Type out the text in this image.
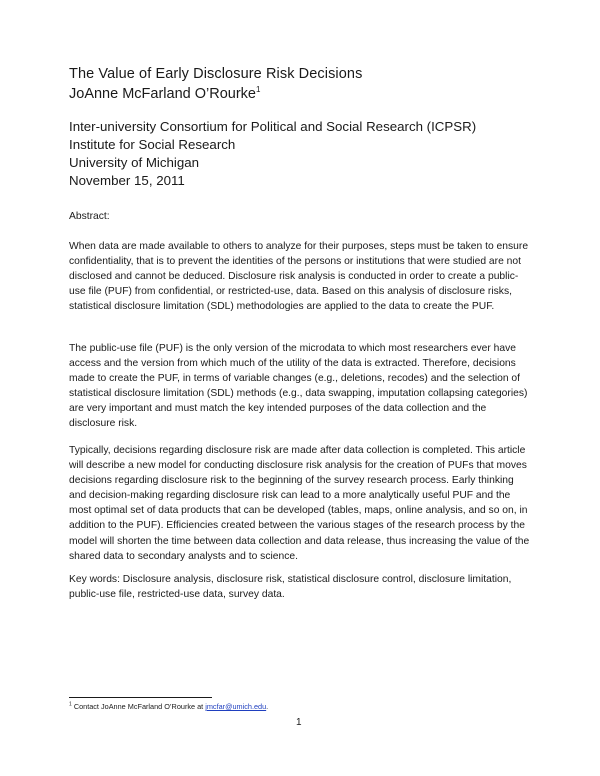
The Value of Early Disclosure Risk Decisions

JoAnne McFarland O’Rourke$^1$

Inter-university Consortium for Political and Social Research (ICPSR)

Institute for Social Research

University of Michigan

November 15, 2011

Abstract:

When data are made available to others to analyze for their purposes, steps must be taken to ensure confidentiality, that is to prevent the identities of the persons or institutions that were studied are not disclosed and cannot be deduced. Disclosure risk analysis is conducted in order to create a public-use file (PUF) from confidential, or restricted-use, data. Based on this analysis of disclosure risks, statistical disclosure limitation (SDL) methodologies are applied to the data to create the PUF.

The public-use file (PUF) is the only version of the microdata to which most researchers ever have access and the version from which much of the utility of the data is extracted. Therefore, decisions made to create the PUF, in terms of variable changes (e.g., deletions, recodes) and the selection of statistical disclosure limitation (SDL) methods (e.g., data swapping, imputation collapsing categories) are very important and must match the key intended purposes of the data collection and the disclosure risk.

Typically, decisions regarding disclosure risk are made after data collection is completed. This article will describe a new model for conducting disclosure risk analysis for the creation of PUFs that moves decisions regarding disclosure risk to the beginning of the survey research process. Early thinking and decision-making regarding disclosure risk can lead to a more analytically useful PUF and the most optimal set of data products that can be developed (tables, maps, online analysis, and so on, in addition to the PUF). Efficiencies created between the various stages of the research process by the model will shorten the time between data collection and data release, thus increasing the value of the shared data to secondary analysts and to science.

Key words: Disclosure analysis, disclosure risk, statistical disclosure control, disclosure limitation, public-use file, restricted-use data, survey data.

$^1$ Contact JoAnne McFarland O’Rourke at jmcfar@umich.edu.

1
